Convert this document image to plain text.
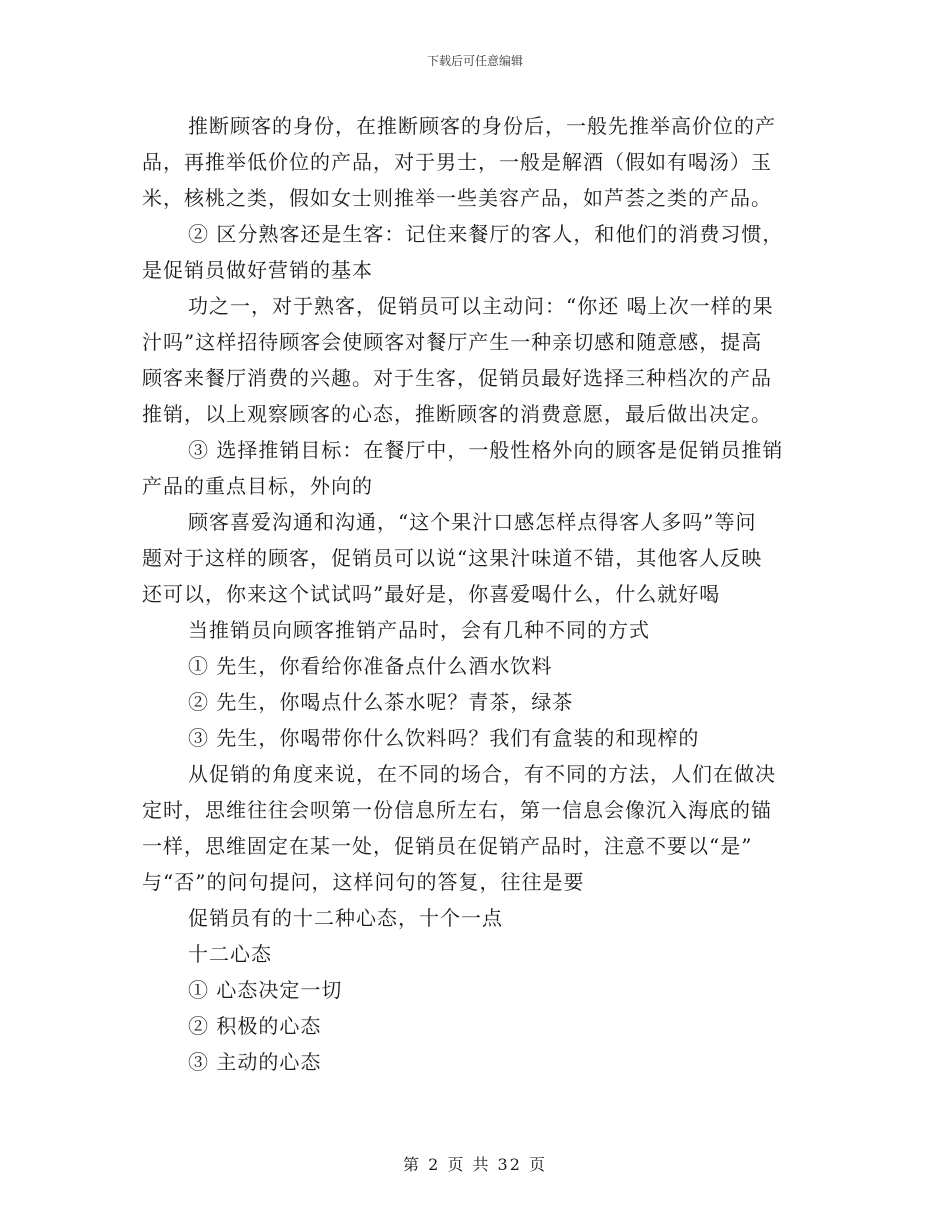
下载后可任意编辑
推断顾客的身份，在推断顾客的身份后，一般先推举高价位的产
品，再推举低价位的产品，对于男士，一般是解酒（假如有喝汤）玉
米，核桃之类，假如女士则推举一些美容产品，如芦荟之类的产品。
② 区分熟客还是生客：记住来餐厅的客人，和他们的消费习惯，
是促销员做好营销的基本
功之一，对于熟客，促销员可以主动问：“你还 喝上次一样的果
汁吗”这样招待顾客会使顾客对餐厅产生一种亲切感和随意感，提高
顾客来餐厅消费的兴趣。对于生客，促销员最好选择三种档次的产品
推销，以上观察顾客的心态，推断顾客的消费意愿，最后做出决定。
③ 选择推销目标：在餐厅中，一般性格外向的顾客是促销员推销
产品的重点目标，外向的
顾客喜爱沟通和沟通，“这个果汁口感怎样点得客人多吗”等问
题对于这样的顾客，促销员可以说“这果汁味道不错，其他客人反映
还可以，你来这个试试吗”最好是，你喜爱喝什么，什么就好喝
当推销员向顾客推销产品时，会有几种不同的方式
① 先生，你看给你准备点什么酒水饮料
② 先生，你喝点什么茶水呢？青茶，绿茶
③ 先生，你喝带你什么饮料吗？我们有盒装的和现榨的
从促销的角度来说，在不同的场合，有不同的方法，人们在做决
定时，思维往往会呗第一份信息所左右，第一信息会像沉入海底的锚
一样，思维固定在某一处，促销员在促销产品时，注意不要以“是”
与“否”的问句提问，这样问句的答复，往往是要
促销员有的十二种心态，十个一点
十二心态
① 心态决定一切
② 积极的心态
③ 主动的心态
第 2 页 共 32 页
